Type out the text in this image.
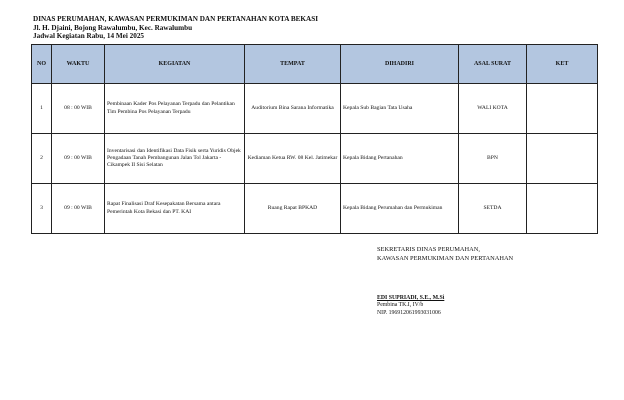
DINAS PERUMAHAN, KAWASAN PERMUKIMAN DAN PERTANAHAN KOTA BEKASI
Jl. H. Djaini, Bojong Rawalumbu, Kec. Rawalumbu
Jadwal Kegiatan Rabu, 14 Mei 2025
NO	WAKTU	KEGIATAN	TEMPAT	DIHADIRI	ASAL SURAT	KET
1	08 : 00 WIB	Pembinaan Kader Pos Pelayanan Terpadu dan Pelantikan Tim Pembina Pos Pelayanan Terpadu	Auditorium Bina Sarana Informatika	Kepala Sub Bagian Tata Usaha	WALI KOTA	
2	09 : 00 WIB	Inventarisasi dan Identifikasi Data Fisik serta Yuridis Objek Pengadaan Tanah Pembangunan Jalan Tol Jakarta - Cikampek II Sisi Selatan	Kediaman Ketua RW. 08 Kel. Jatimekar	Kepala Bidang Pertanahan	BPN	
3	09 : 00 WIB	Rapat Finalisasi Draf Kesepakatan Bersama antara Pemerintah Kota Bekasi dan PT. KAI	Ruang Rapat BPKAD	Kepala Bidang Perumahan dan Permukiman	SETDA	
SEKRETARIS DINAS PERUMAHAN,
KAWASAN PERMUKIMAN DAN PERTANAHAN
EDI SUPRIADI, S.E., M.Si
Pembina TK.I, IV/b
NIP. 196912061993031006
